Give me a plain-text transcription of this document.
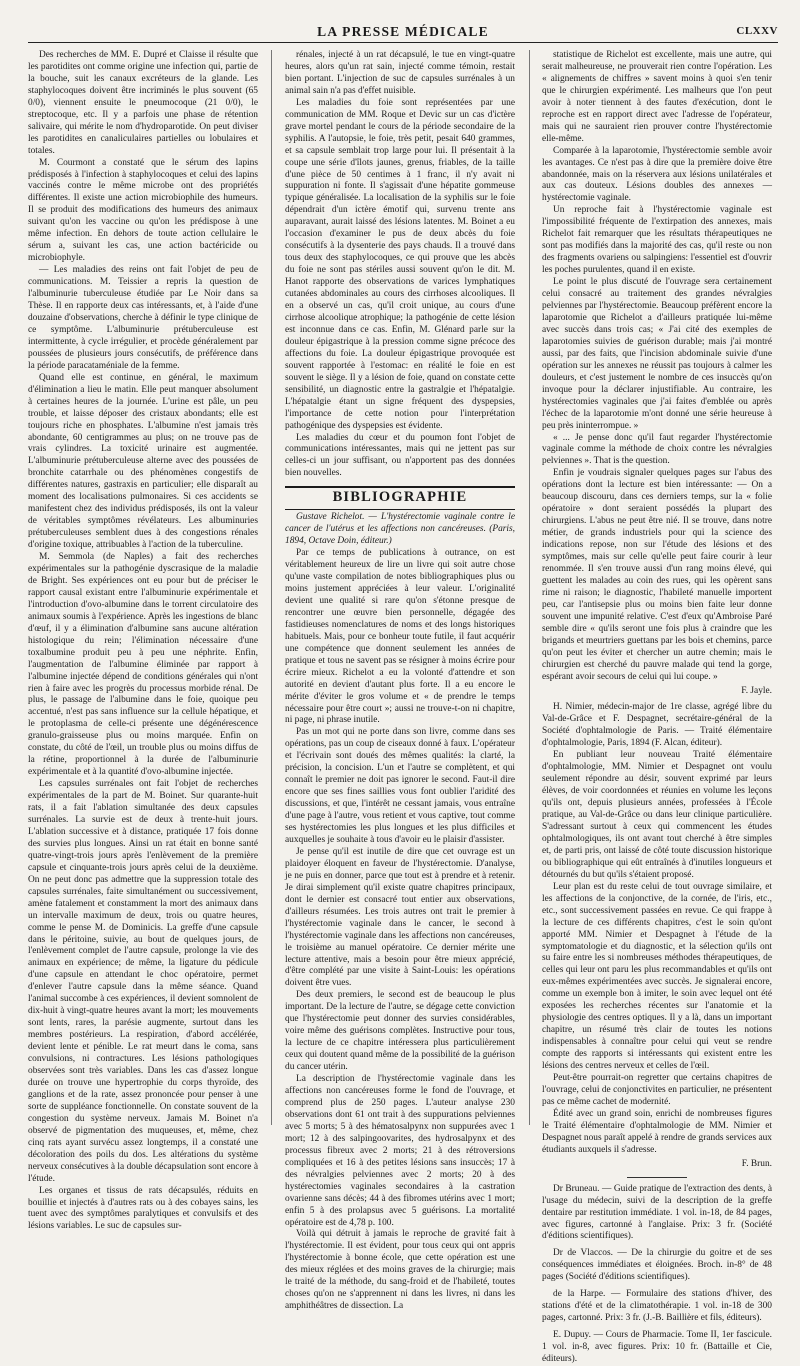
LA PRESSE MÉDICALE	CLXXV

Des recherches de MM. E. Dupré et Claisse il résulte que les parotidites ont comme origine une infection qui, partie de la bouche, suit les canaux excréteurs de la glande. Les staphylocoques doivent être incriminés le plus souvent (65 0/0), viennent ensuite le pneumocoque (21 0/0), le streptocoque, etc. Il y a parfois une phase de rétention salivaire, qui mérite le nom d'hydroparotide. On peut diviser les parotidites en canaliculaires partielles ou lobulaires et totales.

M. Courmont a constaté que le sérum des lapins prédisposés à l'infection à staphylocoques et celui des lapins vaccinés contre le même microbe ont des propriétés différentes. Il existe une action microbiophile des humeurs. Il se produit des modifications des humeurs des animaux suivant qu'on les vaccine ou qu'on les prédispose à une même infection. En dehors de toute action cellulaire le sérum a, suivant les cas, une action bactéricide ou microbiophyle.

— Les maladies des reins ont fait l'objet de peu de communications. M. Teissier a repris la question de l'albuminurie tuberculeuse étudiée par Le Noir dans sa Thèse. Il en rapporte deux cas intéressants, et, à l'aide d'une douzaine d'observations, cherche à définir le type clinique de ce symptôme. L'albuminurie prétuberculeuse est intermittente, à cycle irrégulier, et procède généralement par poussées de plusieurs jours consécutifs, de préférence dans la période paracataméniale de la femme.

Quand elle est continue, en général, le maximum d'élimination a lieu le matin. Elle peut manquer absolument à certaines heures de la journée. L'urine est pâle, un peu trouble, et laisse déposer des cristaux abondants; elle est toujours riche en phosphates. L'albumine n'est jamais très abondante, 60 centigrammes au plus; on ne trouve pas de vrais cylindres. La toxicité urinaire est augmentée. L'albuminurie prétuberculeuse alterne avec des poussées de bronchite catarrhale ou des phénomènes congestifs de différentes natures, gastraxis en particulier; elle disparaît au moment des localisations pulmonaires. Si ces accidents se manifestent chez des individus prédisposés, ils ont la valeur de véritables symptômes révélateurs. Les albuminuries prétuberculeuses semblent dues à des congestions rénales d'origine toxique, attribuables à l'action de la tuberculine.

M. Semmola (de Naples) a fait des recherches expérimentales sur la pathogénie dyscrasique de la maladie de Bright. Ses expériences ont eu pour but de préciser le rapport causal existant entre l'albuminurie expérimentale et l'introduction d'ovo-albumine dans le torrent circulatoire des animaux soumis à l'expérience. Après les ingestions de blanc d'œuf, il y a élimination d'albumine sans aucune altération histologique du rein; l'élimination nécessaire d'une toxalbumine produit peu à peu une néphrite. Enfin, l'augmentation de l'albumine éliminée par rapport à l'albumine injectée dépend de conditions générales qui n'ont rien à faire avec les progrès du processus morbide rénal. De plus, le passage de l'albumine dans le foie, quoique peu accentué, n'est pas sans influence sur la cellule hépatique, et le protoplasma de celle-ci présente une dégénérescence granulo-graisseuse plus ou moins marquée. Enfin on constate, du côté de l'œil, un trouble plus ou moins diffus de la rétine, proportionnel à la durée de l'albuminurie expérimentale et à la quantité d'ovo-albumine injectée.

Les capsules surrénales ont fait l'objet de recherches expérimentales de la part de M. Boinet. Sur quarante-huit rats, il a fait l'ablation simultanée des deux capsules surrénales. La survie est de deux à trente-huit jours. L'ablation successive et à distance, pratiquée 17 fois donne des survies plus longues. Ainsi un rat était en bonne santé quatre-vingt-trois jours après l'enlèvement de la première capsule et cinquante-trois jours après celui de la deuxième. On ne peut donc pas admettre que la suppression totale des capsules surrénales, faite simultanément ou successivement, amène fatalement et constamment la mort des animaux dans un intervalle maximum de deux, trois ou quatre heures, comme le pense M. de Dominicis. La greffe d'une capsule dans le péritoine, suivie, au bout de quelques jours, de l'enlèvement complet de l'autre capsule, prolonge la vie des animaux en expérience; de même, la ligature du pédicule d'une capsule en attendant le choc opératoire, permet d'enlever l'autre capsule dans la même séance. Quand l'animal succombe à ces expériences, il devient somnolent de dix-huit à vingt-quatre heures avant la mort; les mouvements sont lents, rares, la parésie augmente, surtout dans les membres postérieurs. La respiration, d'abord accélérée, devient lente et pénible. Le rat meurt dans le coma, sans convulsions, ni contractures. Les lésions pathologiques observées sont très variables. Dans les cas d'assez longue durée on trouve une hypertrophie du corps thyroïde, des ganglions et de la rate, assez prononcée pour penser à une sorte de suppléance fonctionnelle. On constate souvent de la congestion du système nerveux. Jamais M. Boinet n'a observé de pigmentation des muqueuses, et, même, chez cinq rats ayant survécu assez longtemps, il a constaté une décoloration des poils du dos. Les altérations du système nerveux consécutives à la double décapsulation sont encore à l'étude.

Les organes et tissus de rats décapsulés, réduits en bouillie et injectés à d'autres rats ou à des cobayes sains, les tuent avec des symptômes paralytiques et convulsifs et des lésions variables. Le suc de capsules sur-

rénales, injecté à un rat décapsulé, le tue en vingt-quatre heures, alors qu'un rat sain, injecté comme témoin, restait bien portant. L'injection de suc de capsules surrénales à un animal sain n'a pas d'effet nuisible.

Les maladies du foie sont représentées par une communication de MM. Roque et Devic sur un cas d'ictère grave mortel pendant le cours de la période secondaire de la syphilis. A l'autopsie, le foie, très petit, pesait 640 grammes, et sa capsule semblait trop large pour lui. Il présentait à la coupe une série d'îlots jaunes, grenus, friables, de la taille d'une pièce de 50 centimes à 1 franc, il n'y avait ni suppuration ni fonte. Il s'agissait d'une hépatite gommeuse typique généralisée. La localisation de la syphilis sur le foie dépendrait d'un ictère émotif qui, survenu trente ans auparavant, aurait laissé des lésions latentes. M. Boinet a eu l'occasion d'examiner le pus de deux abcès du foie consécutifs à la dysenterie des pays chauds. Il a trouvé dans tous deux des staphylocoques, ce qui prouve que les abcès du foie ne sont pas stériles aussi souvent qu'on le dit. M. Hanot rapporte des observations de varices lymphatiques cutanées abdominales au cours des cirrhoses alcooliques. Il en a observé un cas, qu'il croit unique, au cours d'une cirrhose alcoolique atrophique; la pathogénie de cette lésion est inconnue dans ce cas. Enfin, M. Glénard parle sur la douleur épigastrique à la pression comme signe précoce des affections du foie. La douleur épigastrique provoquée est souvent rapportée à l'estomac: en réalité le foie en est souvent le siège. Il y a lésion de foie, quand on constate cette sensibilité, un diagnostic entre la gastralgie et l'hépatalgie. L'hépatalgie étant un signe fréquent des dyspepsies, l'importance de cette notion pour l'interprétation pathogénique des dyspepsies est évidente.

Les maladies du cœur et du poumon font l'objet de communications intéressantes, mais qui ne jettent pas sur celles-ci un jour suffisant, ou n'apportent pas des données bien nouvelles.

BIBLIOGRAPHIE

Gustave Richelot. — L'hystérectomie vaginale contre le cancer de l'utérus et les affections non cancéreuses. (Paris, 1894, Octave Doin, éditeur.)

Par ce temps de publications à outrance, on est véritablement heureux de lire un livre qui soit autre chose qu'une vaste compilation de notes bibliographiques plus ou moins justement appréciées à leur valeur. L'originalité devient une qualité si rare qu'on s'étonne presque de rencontrer une œuvre bien personnelle, dégagée des fastidieuses nomenclatures de noms et des longs historiques habituels. Mais, pour ce bonheur toute futile, il faut acquérir une compétence que donnent seulement les années de pratique et tous ne savent pas se résigner à moins écrire pour écrire mieux. Richelot a eu la volonté d'attendre et son autorité en devient d'autant plus forte. Il a eu encore le mérite d'éviter le gros volume et « de prendre le temps nécessaire pour être court »; aussi ne trouve-t-on ni chapitre, ni page, ni phrase inutile.

Pas un mot qui ne porte dans son livre, comme dans ses opérations, pas un coup de ciseaux donné à faux. L'opérateur et l'écrivain sont doués des mêmes qualités: la clarté, la précision, la concision. L'un et l'autre se complètent, et qui connaît le premier ne doit pas ignorer le second. Faut-il dire encore que ses fines saillies vous font oublier l'aridité des discussions, et que, l'intérêt ne cessant jamais, vous entraîne d'une page à l'autre, vous retient et vous captive, tout comme ses hystérectomies les plus longues et les plus difficiles et auxquelles je souhaite à tous d'avoir eu le plaisir d'assister.

Je pense qu'il est inutile de dire que cet ouvrage est un plaidoyer éloquent en faveur de l'hystérectomie. D'analyse, je ne puis en donner, parce que tout est à prendre et à retenir. Je dirai simplement qu'il existe quatre chapitres principaux, dont le dernier est consacré tout entier aux observations, d'ailleurs résumées. Les trois autres ont trait le premier à l'hystérectomie vaginale dans le cancer, le second à l'hystérectomie vaginale dans les affections non cancéreuses, le troisième au manuel opératoire. Ce dernier mérite une lecture attentive, mais a besoin pour être mieux apprécié, d'être complété par une visite à Saint-Louis: les opérations doivent être vues.

Des deux premiers, le second est de beaucoup le plus important. De la lecture de l'autre, se dégage cette conviction que l'hystérectomie peut donner des survies considérables, voire même des guérisons complètes. Instructive pour tous, la lecture de ce chapitre intéressera plus particulièrement ceux qui doutent quand même de la possibilité de la guérison du cancer utérin.

La description de l'hystérectomie vaginale dans les affections non cancéreuses forme le fond de l'ouvrage, et comprend plus de 250 pages. L'auteur analyse 230 observations dont 61 ont trait à des suppurations pelviennes avec 5 morts; 5 à des hématosalpynx non suppurées avec 1 mort; 12 à des salpingoovarites, des hydrosalpynx et des processus fibreux avec 2 morts; 21 à des rétroversions compliquées et 16 à des petites lésions sans insuccès; 17 à des névralgies pelviennes avec 2 morts; 20 à des hystérectomies vaginales secondaires à la castration ovarienne sans décès; 44 à des fibromes utérins avec 1 mort; enfin 5 à des prolapsus avec 5 guérisons. La mortalité opératoire est de 4,78 p. 100.

Voilà qui détruit à jamais le reproche de gravité fait à l'hystérectomie. Il est évident, pour tous ceux qui ont appris l'hystérectomie à bonne école, que cette opération est une des mieux réglées et des moins graves de la chirurgie; mais le traité de la méthode, du sang-froid et de l'habileté, toutes choses qu'on ne s'apprennent ni dans les livres, ni dans les amphithéâtres de dissection. La

statistique de Richelot est excellente, mais une autre, qui serait malheureuse, ne prouverait rien contre l'opération. Les « alignements de chiffres » savent moins à quoi s'en tenir que le chirurgien expérimenté. Les malheurs que l'on peut avoir à noter tiennent à des fautes d'exécution, dont le reproche est en rapport direct avec l'adresse de l'opérateur, mais qui ne sauraient rien prouver contre l'hystérectomie elle-même.

Comparée à la laparotomie, l'hystérectomie semble avoir les avantages. Ce n'est pas à dire que la première doive être abandonnée, mais on la réservera aux lésions unilatérales et aux cas douteux. Lésions doubles des annexes — hystérectomie vaginale.

Un reproche fait à l'hystérectomie vaginale est l'impossibilité fréquente de l'extirpation des annexes, mais Richelot fait remarquer que les résultats thérapeutiques ne sont pas modifiés dans la majorité des cas, qu'il reste ou non des fragments ovariens ou salpingiens: l'essentiel est d'ouvrir les poches purulentes, quand il en existe.

Le point le plus discuté de l'ouvrage sera certainement celui consacré au traitement des grandes névralgies pelviennes par l'hystérectomie. Beaucoup préfèrent encore la laparotomie que Richelot a d'ailleurs pratiquée lui-même avec succès dans trois cas; « J'ai cité des exemples de laparotomies suivies de guérison durable; mais j'ai montré aussi, par des faits, que l'incision abdominale suivie d'une opération sur les annexes ne réussit pas toujours à calmer les douleurs, et c'est justement le nombre de ces insuccès qu'on invoque pour la déclarer injustifiable. Au contraire, les hystérectomies vaginales que j'ai faites d'emblée ou après l'échec de la laparotomie m'ont donné une série heureuse à peu près ininterrompue. »

« ... Je pense donc qu'il faut regarder l'hystérectomie vaginale comme la méthode de choix contre les névralgies pelviennes ». That is the question.

Enfin je voudrais signaler quelques pages sur l'abus des opérations dont la lecture est bien intéressante: — On a beaucoup discouru, dans ces derniers temps, sur la « folie opératoire » dont seraient possédés la plupart des chirurgiens. L'abus ne peut être nié. Il se trouve, dans notre métier, de grands industriels pour qui la science des indications repose, non sur l'étude des lésions et des symptômes, mais sur celle qu'elle peut faire courir à leur renommée. Il s'en trouve aussi d'un rang moins élevé, qui guettent les malades au coin des rues, qui les opèrent sans rime ni raison; le diagnostic, l'habileté manuelle importent peu, car l'antisepsie plus ou moins bien faite leur donne souvent une impunité relative. C'est d'eux qu'Ambroise Paré semble dire « qu'ils seront une fois plus à craindre que les brigands et meurtriers guettans par les bois et chemins, parce qu'on peut les éviter et chercher un autre chemin; mais le chirurgien est cherché du pauvre malade qui tend la gorge, espérant avoir secours de celui qui lui coupe. »

F. Jayle.

H. Nimier, médecin-major de 1re classe, agrégé libre du Val-de-Grâce et F. Despagnet, secrétaire-général de la Société d'ophtalmologie de Paris. — Traité élémentaire d'ophtalmologie, Paris, 1894 (F. Alcan, éditeur).

En publiant leur nouveau Traité élémentaire d'ophtalmologie, MM. Nimier et Despagnet ont voulu seulement répondre au désir, souvent exprimé par leurs élèves, de voir coordonnées et réunies en volume les leçons qu'ils ont, depuis plusieurs années, professées à l'École pratique, au Val-de-Grâce ou dans leur clinique particulière. S'adressant surtout à ceux qui commencent les études ophtalmologiques, ils ont avant tout cherché à être simples et, de parti pris, ont laissé de côté toute discussion historique ou bibliographique qui eût entraînés à d'inutiles longueurs et détournés du but qu'ils s'étaient proposé.

Leur plan est du reste celui de tout ouvrage similaire, et les affections de la conjonctive, de la cornée, de l'iris, etc., etc., sont successivement passées en revue. Ce qui frappe à la lecture de ces différents chapitres, c'est le soin qu'ont apporté MM. Nimier et Despagnet à l'étude de la symptomatologie et du diagnostic, et la sélection qu'ils ont su faire entre les si nombreuses méthodes thérapeutiques, de celles qui leur ont paru les plus recommandables et qu'ils ont eux-mêmes expérimentées avec succès. Je signalerai encore, comme un exemple bon à imiter, le soin avec lequel ont été exposées les recherches récentes sur l'anatomie et la physiologie des centres optiques. Il y a là, dans un important chapitre, un résumé très clair de toutes les notions indispensables à connaître pour celui qui veut se rendre compte des rapports si intéressants qui existent entre les lésions des centres nerveux et celles de l'œil.

Peut-être pourrait-on regretter que certains chapitres de l'ouvrage, celui de conjonctivites en particulier, ne présentent pas ce même cachet de modernité.

Édité avec un grand soin, enrichi de nombreuses figures le Traité élémentaire d'ophtalmologie de MM. Nimier et Despagnet nous paraît appelé à rendre de grands services aux étudiants auxquels il s'adresse.

F. Brun.

Dr Bruneau. — Guide pratique de l'extraction des dents, à l'usage du médecin, suivi de la description de la greffe dentaire par restitution immédiate. 1 vol. in-18, de 84 pages, avec figures, cartonné à l'anglaise. Prix: 3 fr. (Société d'éditions scientifiques).

Dr de Vlaccos. — De la chirurgie du goitre et de ses conséquences immédiates et éloignées. Broch. in-8° de 48 pages (Société d'éditions scientifiques).

de la Harpe. — Formulaire des stations d'hiver, des stations d'été et de la climatothérapie. 1 vol. in-18 de 300 pages, cartonné. Prix: 3 fr. (J.-B. Baillière et fils, éditeurs).

E. Dupuy. — Cours de Pharmacie. Tome II, 1er fascicule. 1 vol. in-8, avec figures. Prix: 10 fr. (Battaille et Cie, éditeurs).
